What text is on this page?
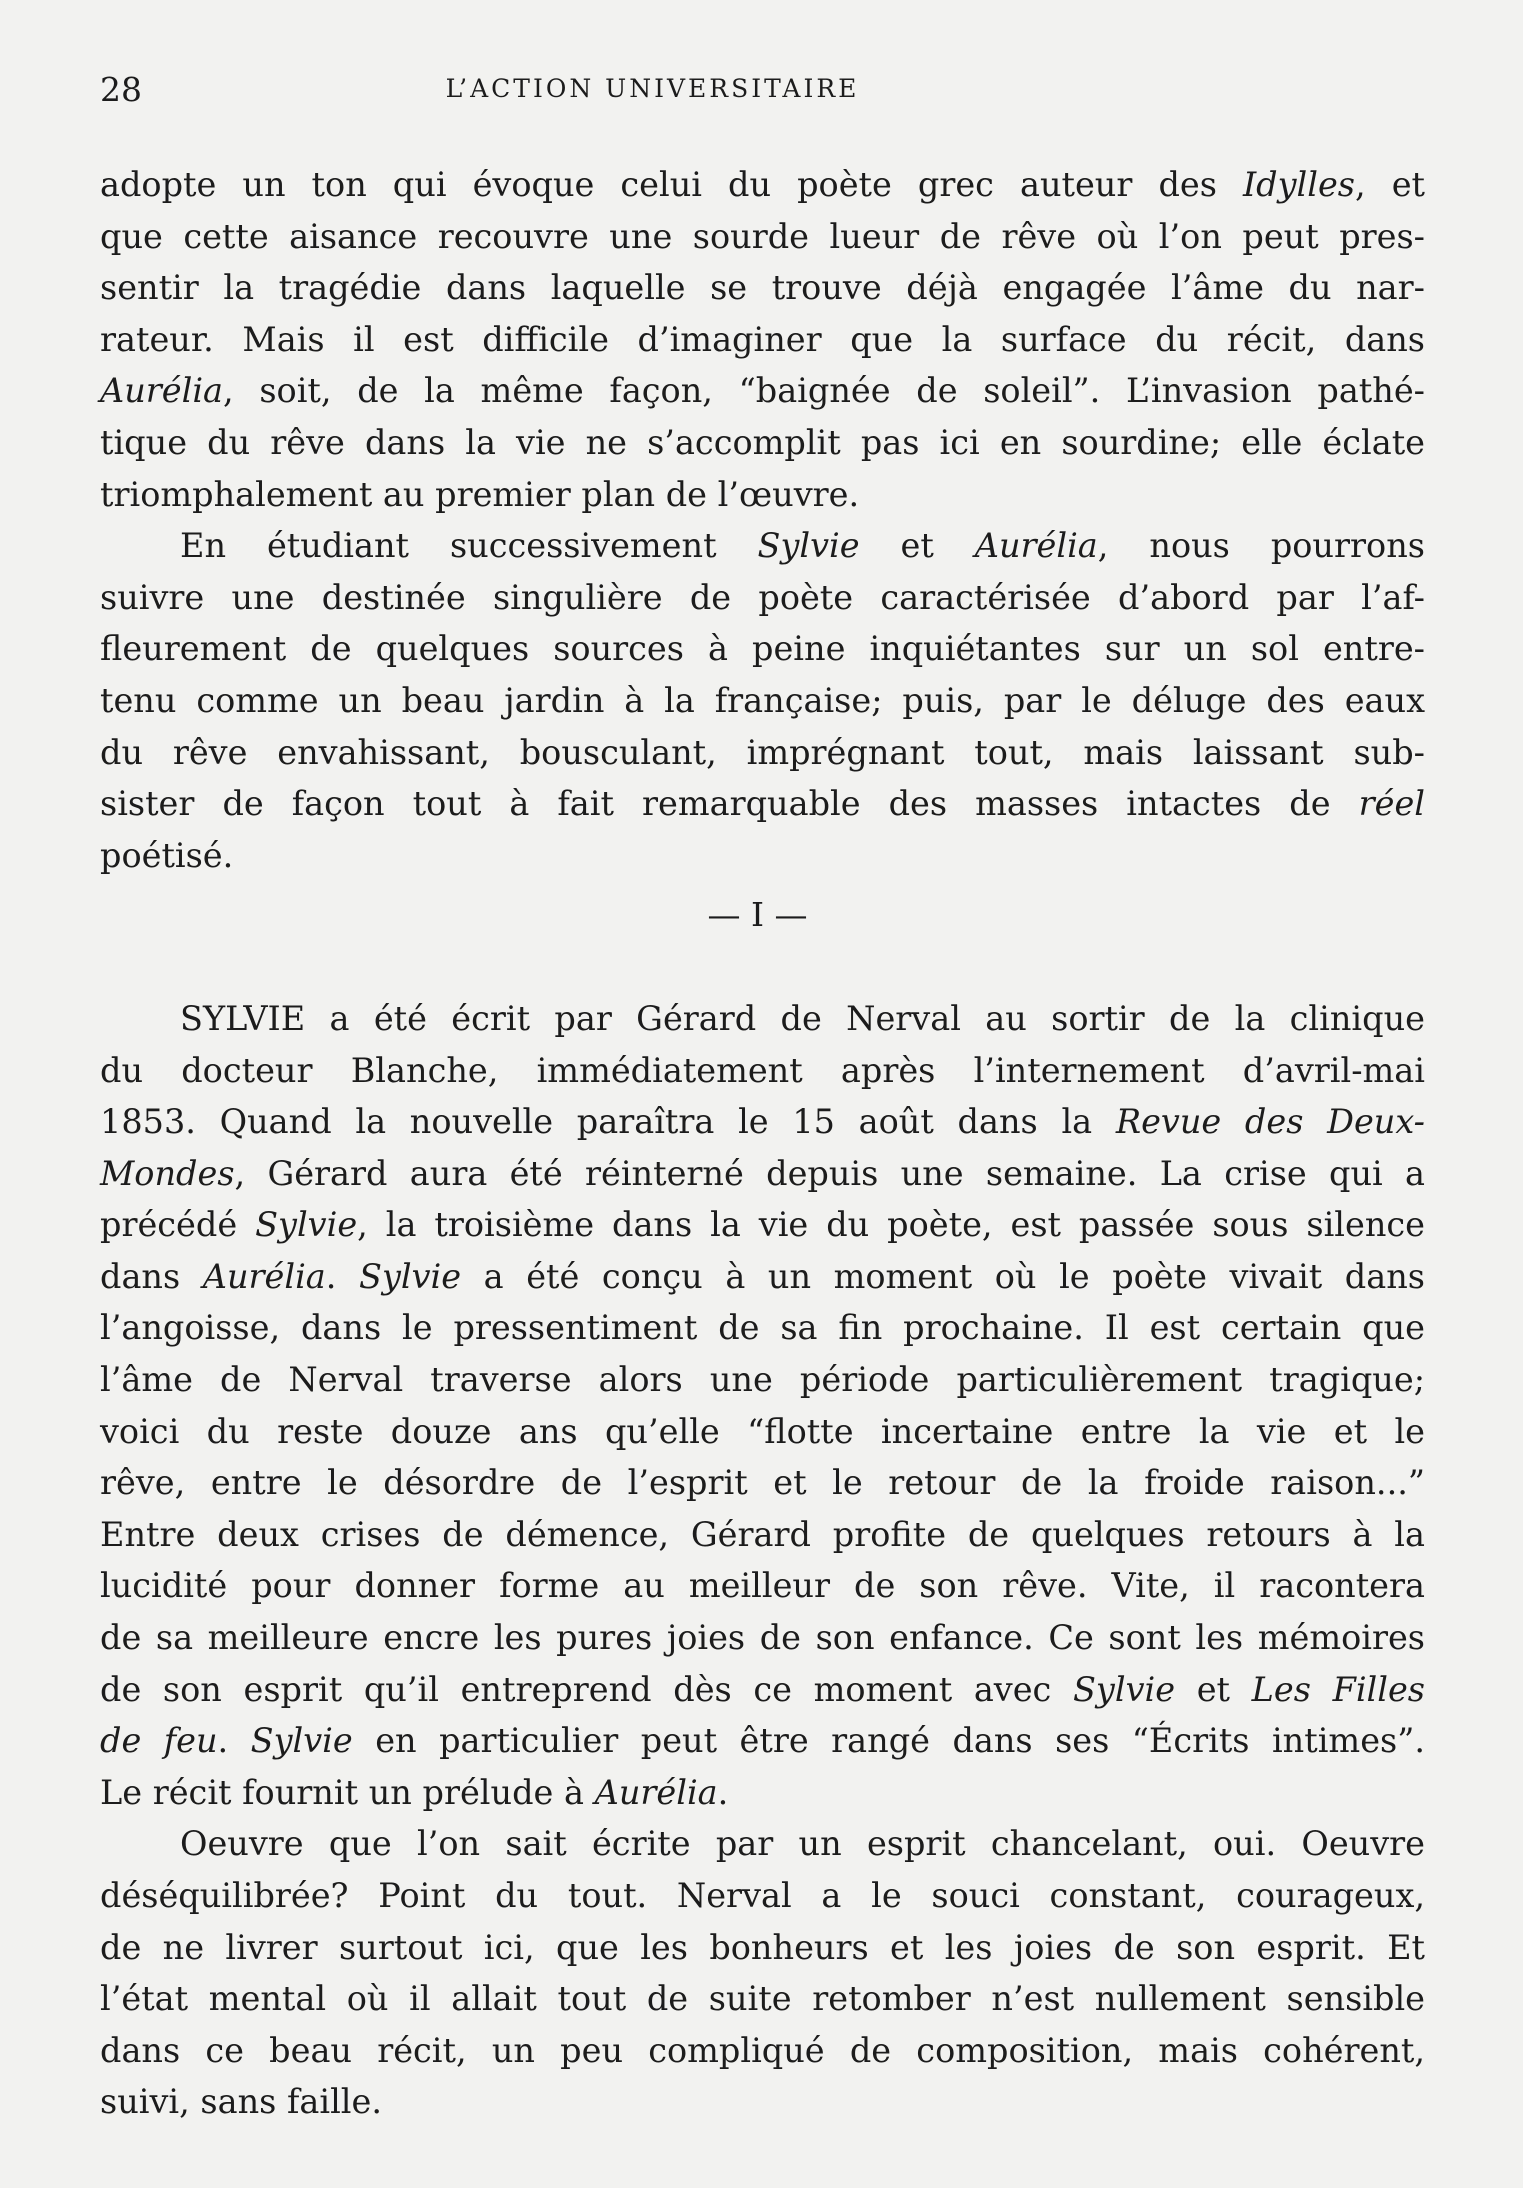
28	L’ACTION UNIVERSITAIRE

adopte un ton qui évoque celui du poète grec auteur des Idylles, et
que cette aisance recouvre une sourde lueur de rêve où l’on peut pres-
sentir la tragédie dans laquelle se trouve déjà engagée l’âme du nar-
rateur. Mais il est difficile d’imaginer que la surface du récit, dans
Aurélia, soit, de la même façon, “baignée de soleil”. L’invasion pathé-
tique du rêve dans la vie ne s’accomplit pas ici en sourdine; elle éclate
triomphalement au premier plan de l’œuvre.

En étudiant successivement Sylvie et Aurélia, nous pourrons
suivre une destinée singulière de poète caractérisée d’abord par l’af-
fleurement de quelques sources à peine inquiétantes sur un sol entre-
tenu comme un beau jardin à la française; puis, par le déluge des eaux
du rêve envahissant, bousculant, imprégnant tout, mais laissant sub-
sister de façon tout à fait remarquable des masses intactes de réel
poétisé.

— I —

SYLVIE a été écrit par Gérard de Nerval au sortir de la clinique
du docteur Blanche, immédiatement après l’internement d’avril-mai
1853. Quand la nouvelle paraîtra le 15 août dans la Revue des Deux-
Mondes, Gérard aura été réinterné depuis une semaine. La crise qui a
précédé Sylvie, la troisième dans la vie du poète, est passée sous silence
dans Aurélia. Sylvie a été conçu à un moment où le poète vivait dans
l’angoisse, dans le pressentiment de sa fin prochaine. Il est certain que
l’âme de Nerval traverse alors une période particulièrement tragique;
voici du reste douze ans qu’elle “flotte incertaine entre la vie et le
rêve, entre le désordre de l’esprit et le retour de la froide raison...”
Entre deux crises de démence, Gérard profite de quelques retours à la
lucidité pour donner forme au meilleur de son rêve. Vite, il racontera
de sa meilleure encre les pures joies de son enfance. Ce sont les mémoires
de son esprit qu’il entreprend dès ce moment avec Sylvie et Les Filles
de feu. Sylvie en particulier peut être rangé dans ses “Écrits intimes”.
Le récit fournit un prélude à Aurélia.

Oeuvre que l’on sait écrite par un esprit chancelant, oui. Oeuvre
déséquilibrée? Point du tout. Nerval a le souci constant, courageux,
de ne livrer surtout ici, que les bonheurs et les joies de son esprit. Et
l’état mental où il allait tout de suite retomber n’est nullement sensible
dans ce beau récit, un peu compliqué de composition, mais cohérent,
suivi, sans faille.
